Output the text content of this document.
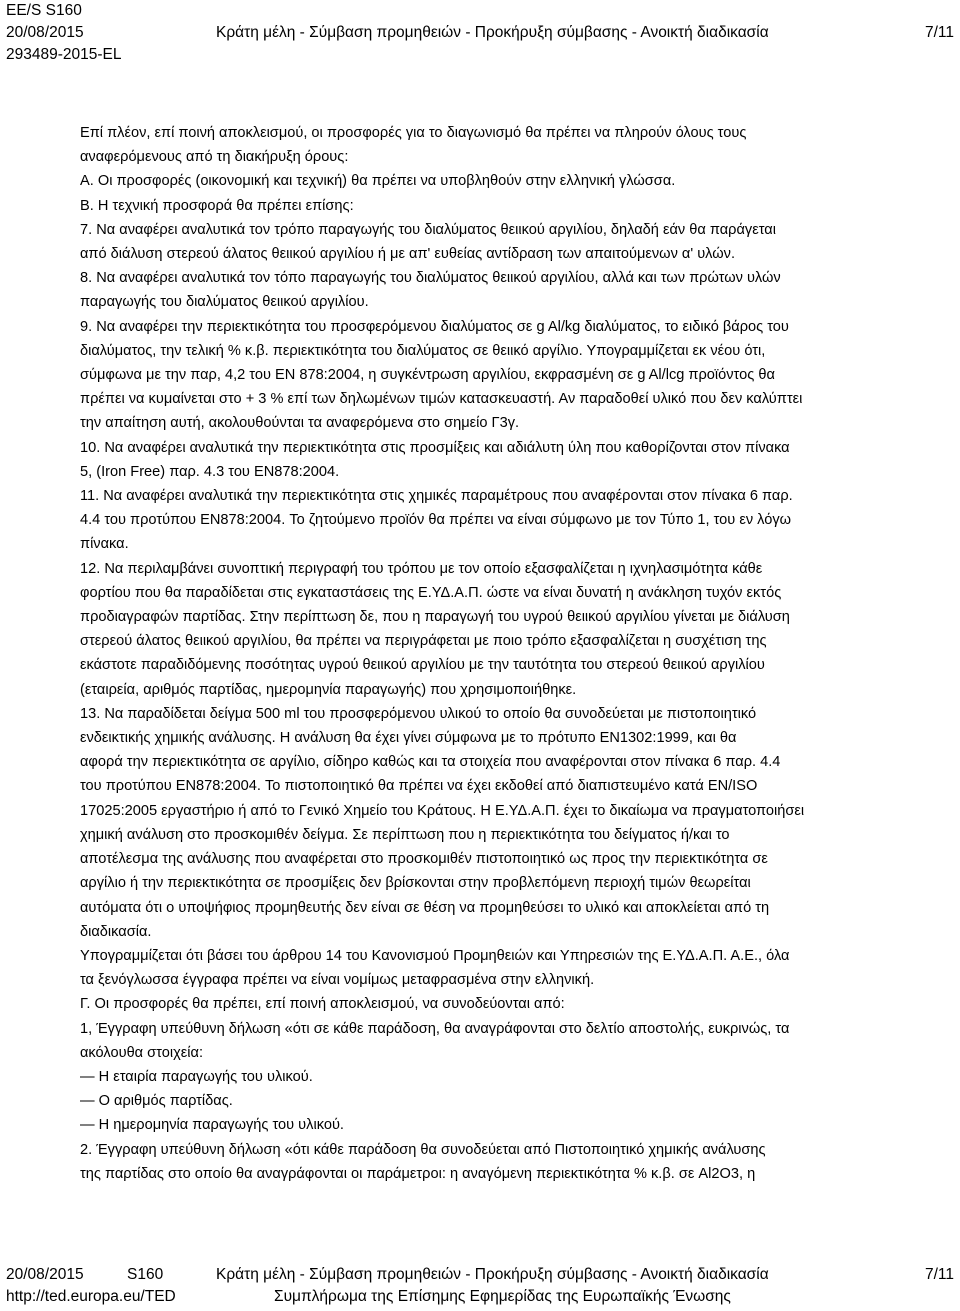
EE/S S160
20/08/2015	Κράτη μέλη - Σύμβαση προμηθειών - Προκήρυξη σύμβασης - Ανοικτή διαδικασία	7/11
293489-2015-EL

Επί πλέον, επί ποινή αποκλεισμού, οι προσφορές για το διαγωνισμό θα πρέπει να πληρούν όλους τους

αναφερόμενους από τη διακήρυξη όρους:

Α. Οι προσφορές (οικονομική και τεχνική) θα πρέπει να υποβληθούν στην ελληνική γλώσσα.

Β. Η τεχνική προσφορά θα πρέπει επίσης:

7. Να αναφέρει αναλυτικά τον τρόπο παραγωγής του διαλύματος θειικού αργιλίου, δηλαδή εάν θα παράγεται

από διάλυση στερεού άλατος θειικού αργιλίου ή με απ' ευθείας αντίδραση των απαιτούμενων α' υλών.

8. Να αναφέρει αναλυτικά τον τόπο παραγωγής του διαλύματος θειικού αργιλίου, αλλά και των πρώτων υλών

παραγωγής του διαλύματος θειικού αργιλίου.

9. Να αναφέρει την περιεκτικότητα του προσφερόμενου διαλύματος σε g Al/kg διαλύματος, το ειδικό βάρος του

διαλύματος, την τελική % κ.β. περιεκτικότητα του διαλύματος σε θειικό αργίλιο. Υπογραμμίζεται εκ νέου ότι,

σύμφωνα με την παρ, 4,2 του EN 878:2004, η συγκέντρωση αργιλίου, εκφρασμένη σε g Al/lcg προϊόντος θα

πρέπει να κυμαίνεται στο + 3 % επί των δηλωμένων τιμών κατασκευαστή. Αν παραδοθεί υλικό που δεν καλύπτει

την απαίτηση αυτή, ακολουθούνται τα αναφερόμενα στο σημείο Γ3γ.

10. Να αναφέρει αναλυτικά την περιεκτικότητα στις προσμίξεις και αδιάλυτη ύλη που καθορίζονται στον πίνακα

5, (Iron Free) παρ. 4.3 του EN878:2004.

11. Να αναφέρει αναλυτικά την περιεκτικότητα στις χημικές παραμέτρους που αναφέρονται στον πίνακα 6 παρ.

4.4 του προτύπου EN878:2004. Το ζητούμενο προϊόν θα πρέπει να είναι σύμφωνο με τον Τύπο 1, του εν λόγω

πίνακα.

12. Να περιλαμβάνει συνοπτική περιγραφή του τρόπου με τον οποίο εξασφαλίζεται η ιχνηλασιμότητα κάθε

φορτίου που θα παραδίδεται στις εγκαταστάσεις της Ε.ΥΔ.Α.Π. ώστε να είναι δυνατή η ανάκληση τυχόν εκτός

προδιαγραφών παρτίδας. Στην περίπτωση δε, που η παραγωγή του υγρού θειικού αργιλίου γίνεται με διάλυση

στερεού άλατος θειικού αργιλίου, θα πρέπει να περιγράφεται με ποιο τρόπο εξασφαλίζεται η συσχέτιση της

εκάστοτε παραδιδόμενης ποσότητας υγρού θειικού αργιλίου με την ταυτότητα του στερεού θειικού αργιλίου

(εταιρεία, αριθμός παρτίδας, ημερομηνία παραγωγής) που χρησιμοποιήθηκε.

13. Να παραδίδεται δείγμα 500 ml του προσφερόμενου υλικού το οποίο θα συνοδεύεται με πιστοποιητικό

ενδεικτικής χημικής ανάλυσης. Η ανάλυση θα έχει γίνει σύμφωνα με το πρότυπο EN1302:1999, και θα

αφορά την περιεκτικότητα σε αργίλιο, σίδηρο καθώς και τα στοιχεία που αναφέρονται στον πίνακα 6 παρ. 4.4

του προτύπου EN878:2004. Το πιστοποιητικό θα πρέπει να έχει εκδοθεί από διαπιστευμένο κατά EN/ISO

17025:2005 εργαστήριο ή από το Γενικό Χημείο του Κράτους. Η Ε.ΥΔ.Α.Π. έχει το δικαίωμα να πραγματοποιήσει

χημική ανάλυση στο προσκομιθέν δείγμα. Σε περίπτωση που η περιεκτικότητα του δείγματος ή/και το

αποτέλεσμα της ανάλυσης που αναφέρεται στο προσκομιθέν πιστοποιητικό ως προς την περιεκτικότητα σε

αργίλιο ή την περιεκτικότητα σε προσμίξεις δεν βρίσκονται στην προβλεπόμενη περιοχή τιμών θεωρείται

αυτόματα ότι ο υποψήφιος προμηθευτής δεν είναι σε θέση να προμηθεύσει το υλικό και αποκλείεται από τη

διαδικασία.

Υπογραμμίζεται ότι βάσει του άρθρου 14 του Κανονισμού Προμηθειών και Υπηρεσιών της Ε.ΥΔ.Α.Π. Α.Ε., όλα

τα ξενόγλωσσα έγγραφα πρέπει να είναι νομίμως μεταφρασμένα στην ελληνική.

Γ. Οι προσφορές θα πρέπει, επί ποινή αποκλεισμού, να συνοδεύονται από:

1, Έγγραφη υπεύθυνη δήλωση «ότι σε κάθε παράδοση, θα αναγράφονται στο δελτίο αποστολής, ευκρινώς, τα

ακόλουθα στοιχεία:

— Η εταιρία παραγωγής του υλικού.

— Ο αριθμός παρτίδας.

— Η ημερομηνία παραγωγής του υλικού.

2. Έγγραφη υπεύθυνη δήλωση «ότι κάθε παράδοση θα συνοδεύεται από Πιστοποιητικό χημικής ανάλυσης

της παρτίδας στο οποίο θα αναγράφονται οι παράμετροι: η αναγόμενη περιεκτικότητα % κ.β. σε Al2O3, η

20/08/2015	S160	Κράτη μέλη - Σύμβαση προμηθειών - Προκήρυξη σύμβασης - Ανοικτή διαδικασία	7/11
http://ted.europa.eu/TED	Συμπλήρωμα της Επίσημης Εφημερίδας της Ευρωπαϊκής Ένωσης
